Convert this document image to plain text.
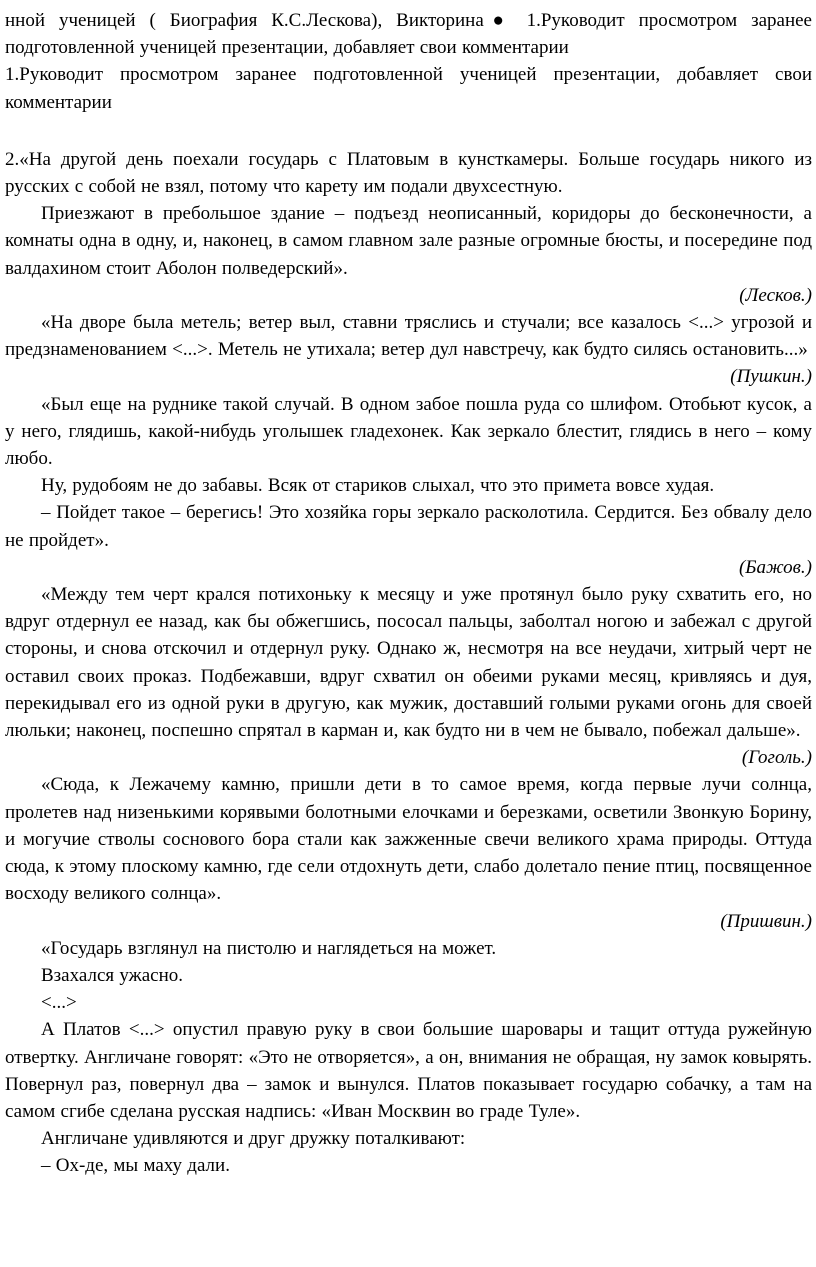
нной ученицей ( Биография К.С.Лескова), Викторина● 1.Руководит просмотром заранее подготовленной ученицей презентации, добавляет свои комментарии

1.Руководит просмотром заранее подготовленной ученицей презентации, добавляет свои комментарии

2.«На другой день поехали государь с Платовым в кунсткамеры. Больше государь никого из русских с собой не взял, потому что карету им подали двухсестную.

Приезжают в пребольшое здание – подъезд неописанный, коридоры до бесконечности, а комнаты одна в одну, и, наконец, в самом главном зале разные огромные бюсты, и посередине под валдахином стоит Аболон полведерский».

(Лесков.)

«На дворе была метель; ветер выл, ставни тряслись и стучали; все казалось <...> угрозой и предзнаменованием <...>. Метель не утихала; ветер дул навстречу, как будто силясь остановить...»

(Пушкин.)

«Был еще на руднике такой случай. В одном забое пошла руда со шлифом. Отобьют кусок, а у него, глядишь, какой-нибудь уголышек гладехонек. Как зеркало блестит, глядись в него – кому любо.

Ну, рудобоям не до забавы. Всяк от стариков слыхал, что это примета вовсе худая.

– Пойдет такое – берегись! Это хозяйка горы зеркало расколотила. Сердится. Без обвалу дело не пройдет».

(Бажов.)

«Между тем черт крался потихоньку к месяцу и уже протянул было руку схватить его, но вдруг отдернул ее назад, как бы обжегшись, пососал пальцы, заболтал ногою и забежал с другой стороны, и снова отскочил и отдернул руку. Однако ж, несмотря на все неудачи, хитрый черт не оставил своих проказ. Подбежавши, вдруг схватил он обеими руками месяц, кривляясь и дуя, перекидывал его из одной руки в другую, как мужик, доставший голыми руками огонь для своей люльки; наконец, поспешно спрятал в карман и, как будто ни в чем не бывало, побежал дальше».

(Гоголь.)

«Сюда, к Лежачему камню, пришли дети в то самое время, когда первые лучи солнца, пролетев над низенькими корявыми болотными елочками и березками, осветили Звонкую Борину, и могучие стволы соснового бора стали как зажженные свечи великого храма природы. Оттуда сюда, к этому плоскому камню, где сели отдохнуть дети, слабо долетало пение птиц, посвященное восходу великого солнца».

(Пришвин.)

«Государь взглянул на пистолю и наглядеться на может.

Взахался ужасно.

<...>

А Платов <...> опустил правую руку в свои большие шаровары и тащит оттуда ружейную отвертку. Англичане говорят: «Это не отворяется», а он, внимания не обращая, ну замок ковырять. Повернул раз, повернул два – замок и вынулся. Платов показывает государю собачку, а там на самом сгибе сделана русская надпись: «Иван Москвин во граде Туле».

Англичане удивляются и друг дружку поталкивают:

– Ох-де, мы маху дали.
